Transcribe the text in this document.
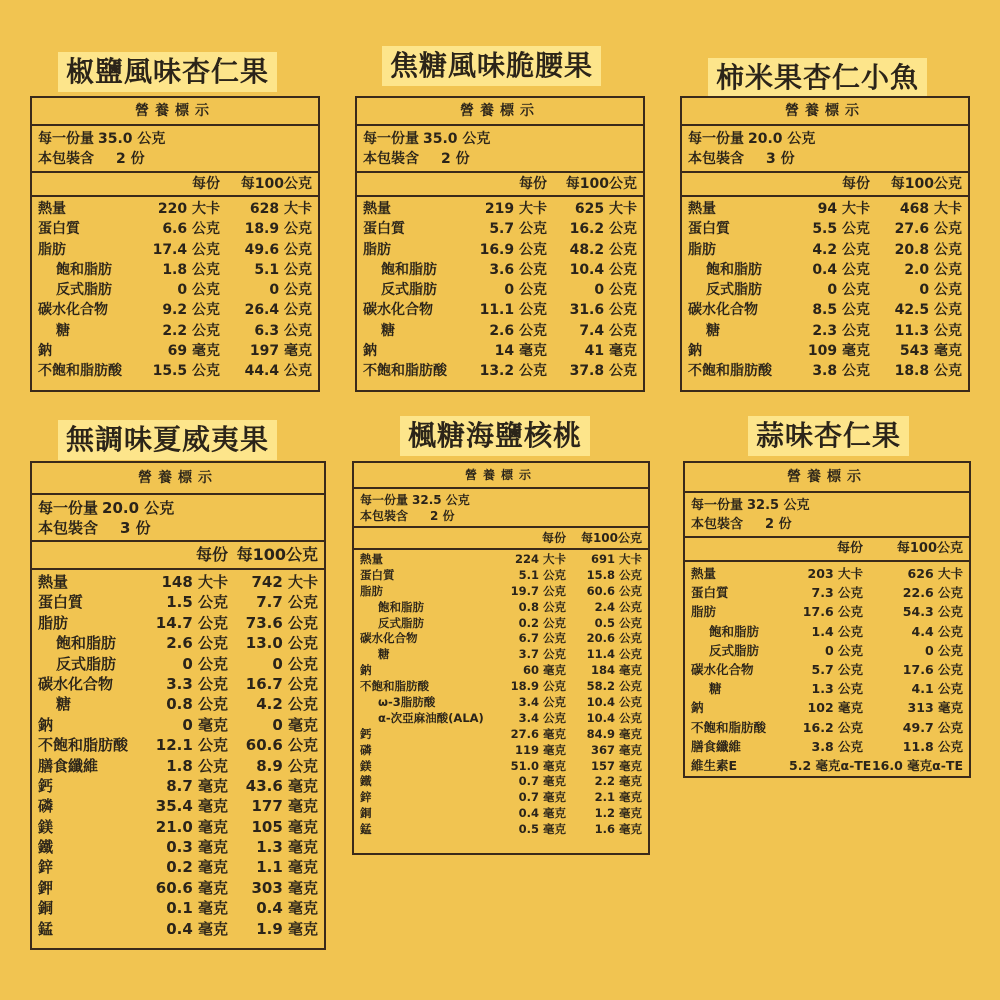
椒鹽風味杏仁果	焦糖風味脆腰果	柿米果杏仁小魚
無調味夏威夷果	楓糖海鹽核桃	蒜味杏仁果
營養標示
每一份量 35.0 公克
本包裝含 2 份
每份	每100公克
熱量	220 大卡	628 大卡
蛋白質	6.6 公克	18.9 公克
脂肪	17.4 公克	49.6 公克
飽和脂肪	1.8 公克	5.1 公克
反式脂肪	0 公克	0 公克
碳水化合物	9.2 公克	26.4 公克
糖	2.2 公克	6.3 公克
鈉	69 毫克	197 毫克
不飽和脂肪酸	15.5 公克	44.4 公克
營養標示
每一份量 35.0 公克
本包裝含 2 份
每份	每100公克
熱量	219 大卡	625 大卡
蛋白質	5.7 公克	16.2 公克
脂肪	16.9 公克	48.2 公克
飽和脂肪	3.6 公克	10.4 公克
反式脂肪	0 公克	0 公克
碳水化合物	11.1 公克	31.6 公克
糖	2.6 公克	7.4 公克
鈉	14 毫克	41 毫克
不飽和脂肪酸	13.2 公克	37.8 公克
營養標示
每一份量 20.0 公克
本包裝含 3 份
每份	每100公克
熱量	94 大卡	468 大卡
蛋白質	5.5 公克	27.6 公克
脂肪	4.2 公克	20.8 公克
飽和脂肪	0.4 公克	2.0 公克
反式脂肪	0 公克	0 公克
碳水化合物	8.5 公克	42.5 公克
糖	2.3 公克	11.3 公克
鈉	109 毫克	543 毫克
不飽和脂肪酸	3.8 公克	18.8 公克
營養標示
每一份量 20.0 公克
本包裝含 3 份
每份 每100公克
熱量	148 大卡	742 大卡
蛋白質	1.5 公克	7.7 公克
脂肪	14.7 公克	73.6 公克
飽和脂肪	2.6 公克	13.0 公克
反式脂肪	0 公克	0 公克
碳水化合物	3.3 公克	16.7 公克
糖	0.8 公克	4.2 公克
鈉	0 毫克	0 毫克
不飽和脂肪酸	12.1 公克	60.6 公克
膳食纖維	1.8 公克	8.9 公克
鈣	8.7 毫克	43.6 毫克
磷	35.4 毫克	177 毫克
鎂	21.0 毫克	105 毫克
鐵	0.3 毫克	1.3 毫克
鋅	0.2 毫克	1.1 毫克
鉀	60.6 毫克	303 毫克
銅	0.1 毫克	0.4 毫克
錳	0.4 毫克	1.9 毫克
營養標示
每一份量 32.5 公克
本包裝含 2 份
每份	每100公克
熱量	224 大卡	691 大卡
蛋白質	5.1 公克	15.8 公克
脂肪	19.7 公克	60.6 公克
飽和脂肪	0.8 公克	2.4 公克
反式脂肪	0.2 公克	0.5 公克
碳水化合物	6.7 公克	20.6 公克
糖	3.7 公克	11.4 公克
鈉	60 毫克	184 毫克
不飽和脂肪酸	18.9 公克	58.2 公克
ω-3脂肪酸	3.4 公克	10.4 公克
α-次亞麻油酸(ALA)	3.4 公克	10.4 公克
鈣	27.6 毫克	84.9 毫克
磷	119 毫克	367 毫克
鎂	51.0 毫克	157 毫克
鐵	0.7 毫克	2.2 毫克
鋅	0.7 毫克	2.1 毫克
銅	0.4 毫克	1.2 毫克
錳	0.5 毫克	1.6 毫克
營養標示
每一份量 32.5 公克
本包裝含 2 份
每份	每100公克
熱量	203 大卡	626 大卡
蛋白質	7.3 公克	22.6 公克
脂肪	17.6 公克	54.3 公克
飽和脂肪	1.4 公克	4.4 公克
反式脂肪	0 公克	0 公克
碳水化合物	5.7 公克	17.6 公克
糖	1.3 公克	4.1 公克
鈉	102 毫克	313 毫克
不飽和脂肪酸	16.2 公克	49.7 公克
膳食纖維	3.8 公克	11.8 公克
維生素E	5.2 毫克α-TE 16.0 毫克α-TE
